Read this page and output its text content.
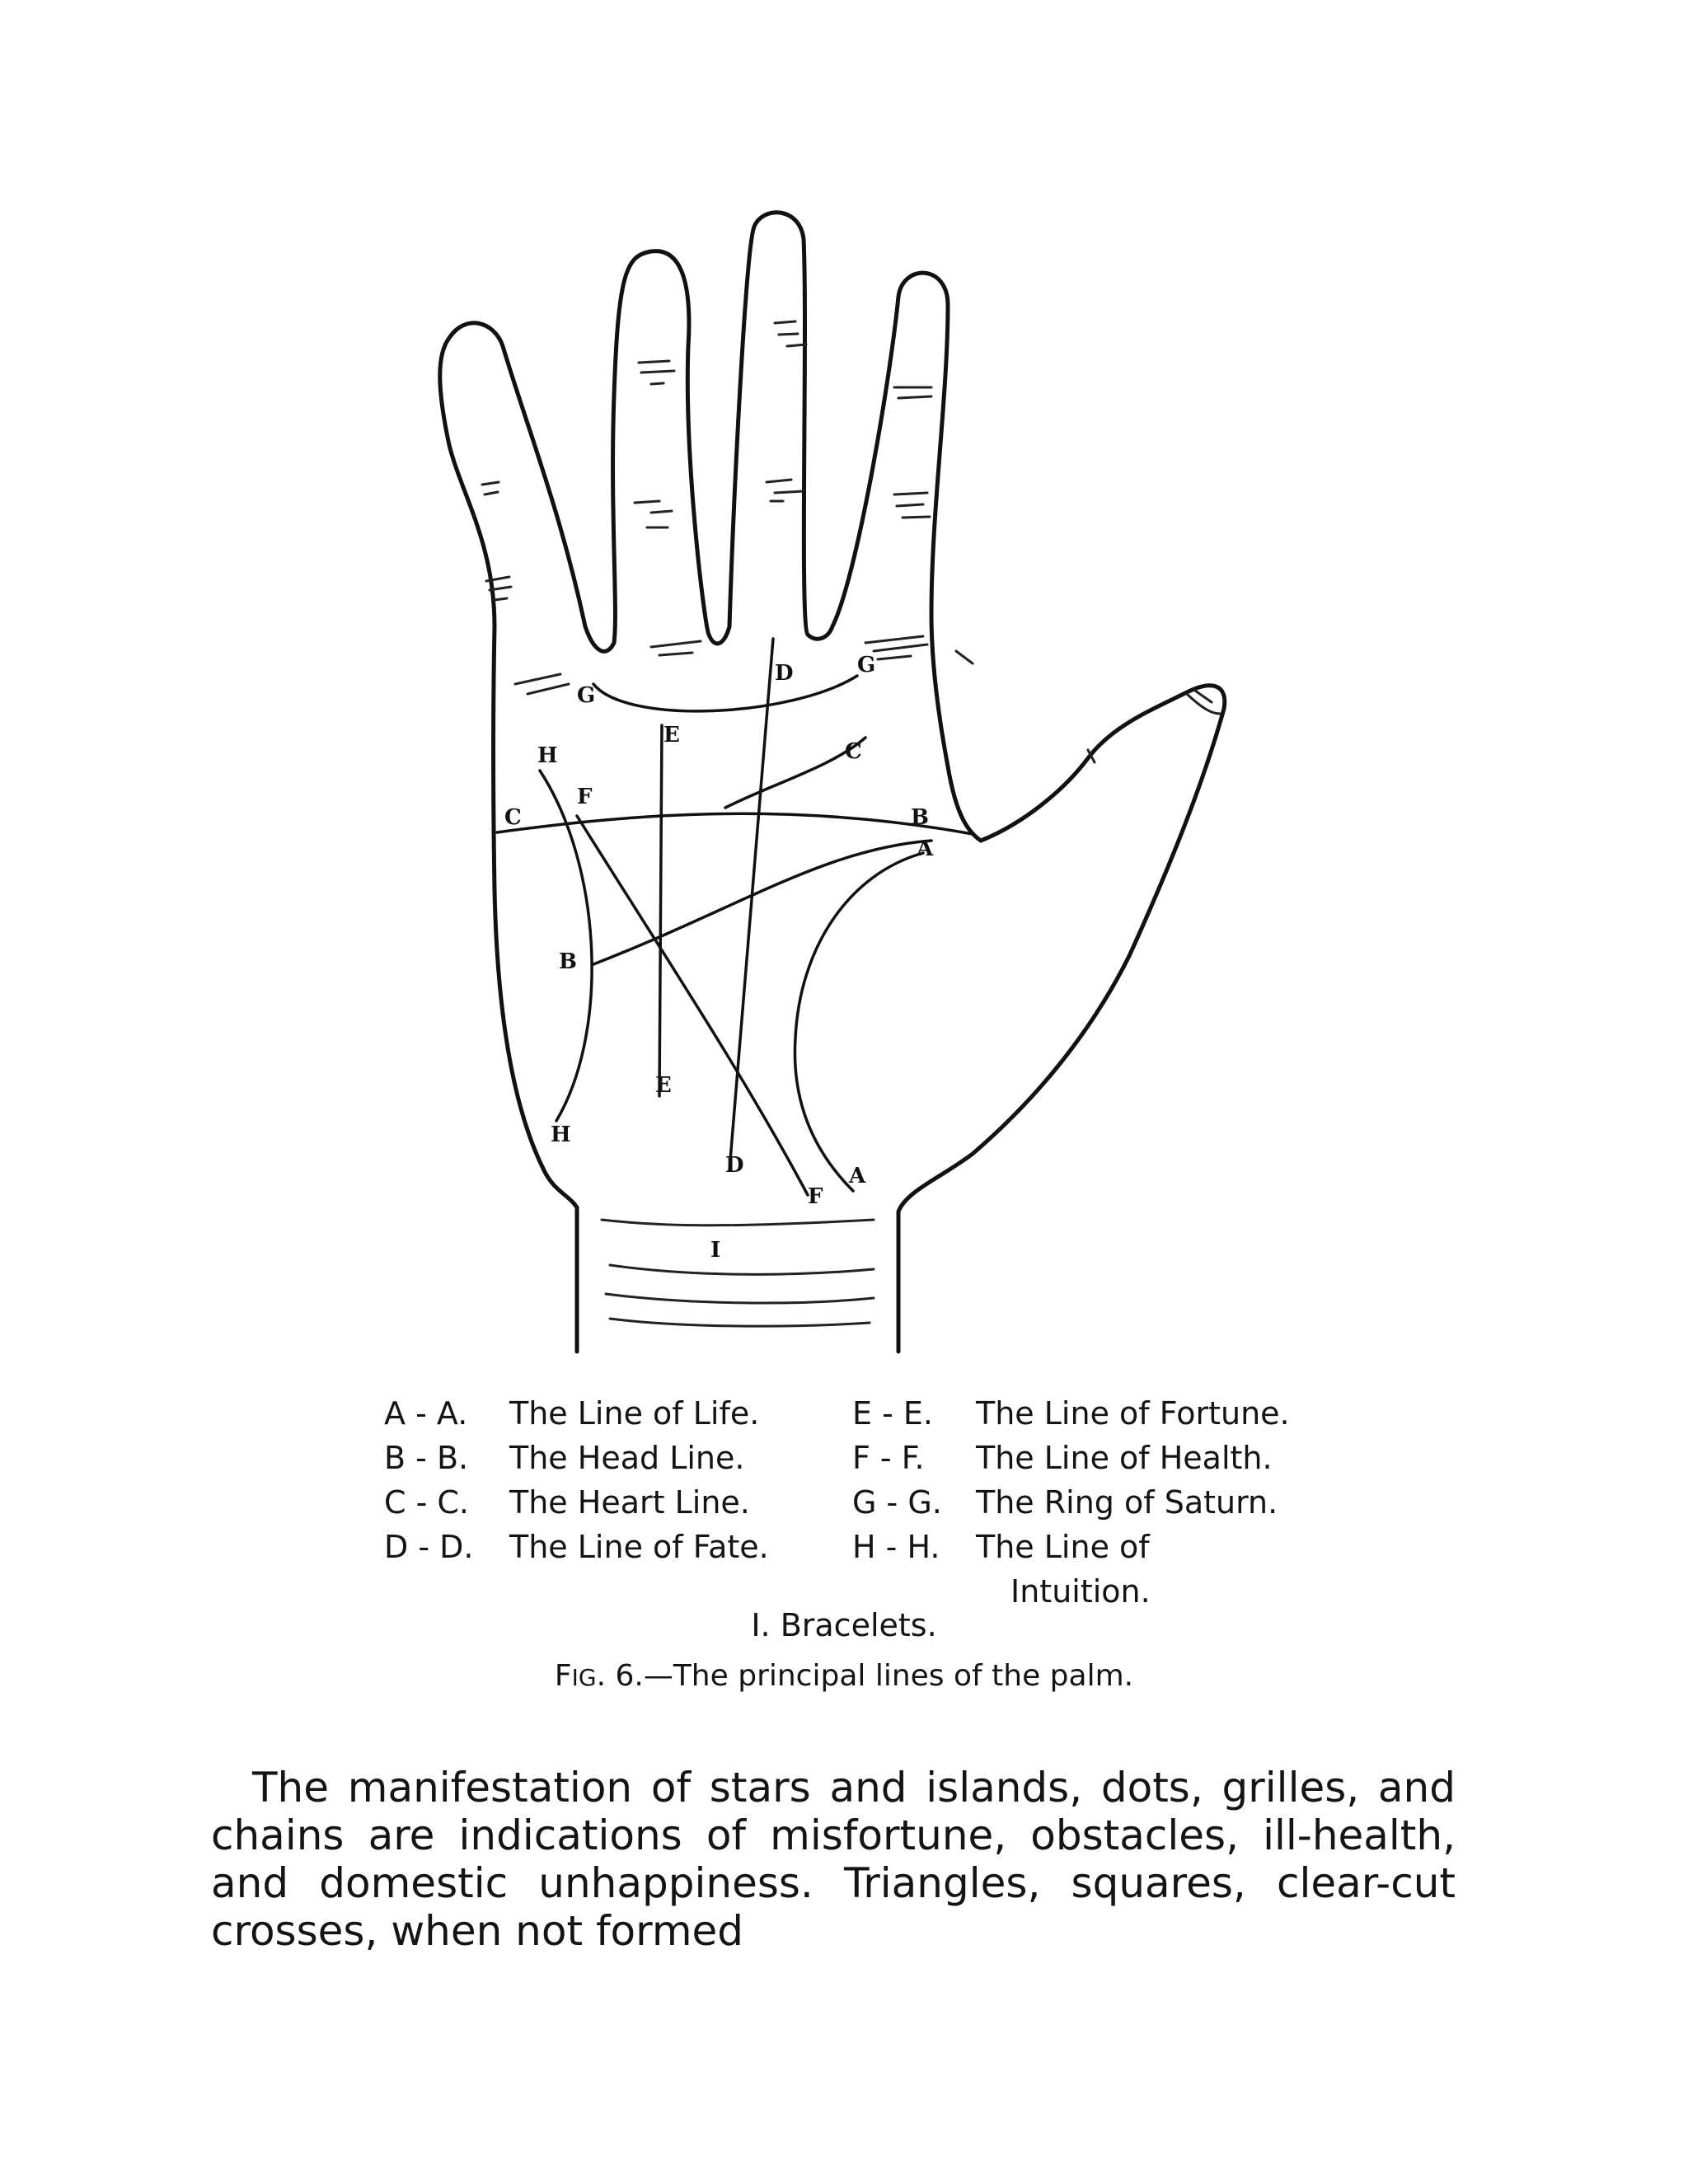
A
A
B
B
C
C
D
D
E
E
F
F
G
G
H
H
I
A - A. The Line of Life.
B - B. The Head Line.
C - C. The Heart Line.
D - D. The Line of Fate.
E - E. The Line of Fortune.
F - F. The Line of Health.
G - G. The Ring of Saturn.
H - H. The Line of
Intuition.
I. Bracelets.
FIG. 6.—The principal lines of the palm.

The manifestation of stars and islands, dots, grilles, and chains are indications of misfortune, obstacles, ill-health, and domestic unhappiness. Triangles, squares, clear-cut crosses, when not formed
